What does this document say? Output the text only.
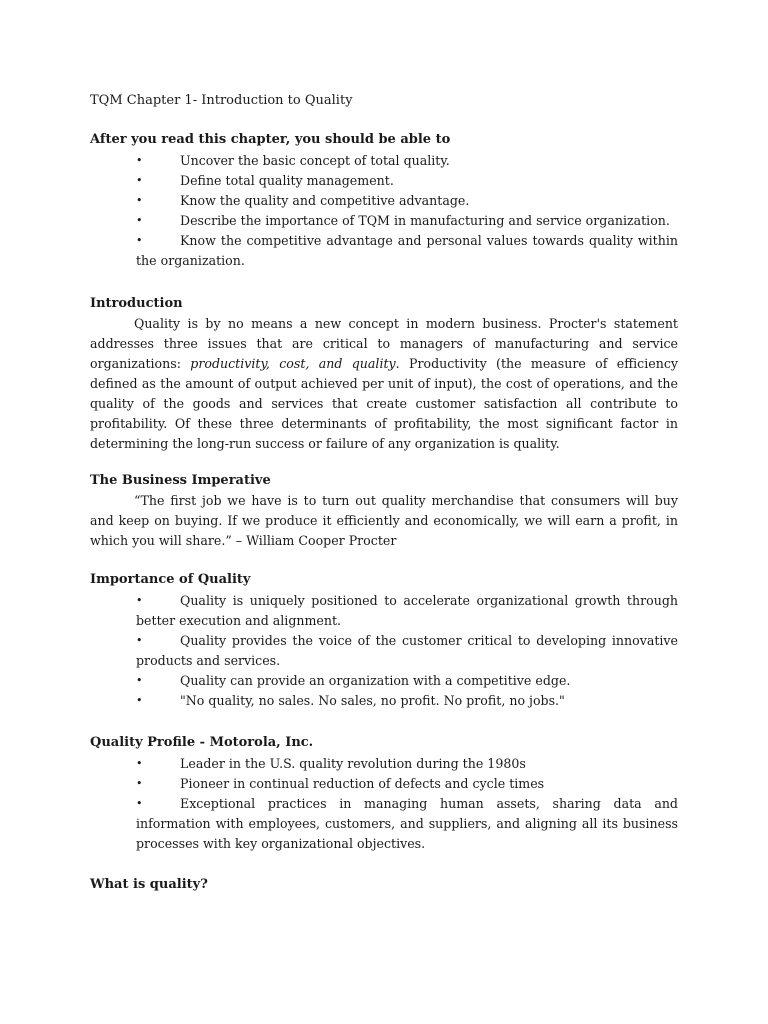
TQM Chapter 1- Introduction to Quality
After you read this chapter, you should be able to
•	Uncover the basic concept of total quality.
•	Define total quality management.
•	Know the quality and competitive advantage.
•	Describe the importance of TQM in manufacturing and service organization.
•	Know the competitive advantage and personal values towards quality within the organization.
Introduction

Quality is by no means a new concept in modern business. Procter's statement addresses three issues that are critical to managers of manufacturing and service organizations: productivity, cost, and quality. Productivity (the measure of efficiency defined as the amount of output achieved per unit of input), the cost of operations, and the quality of the goods and services that create customer satisfaction all contribute to profitability. Of these three determinants of profitability, the most significant factor in determining the long-run success or failure of any organization is quality.

The Business Imperative

“The first job we have is to turn out quality merchandise that consumers will buy and keep on buying. If we produce it efficiently and economically, we will earn a profit, in which you will share.” – William Cooper Procter

Importance of Quality
•	Quality is uniquely positioned to accelerate organizational growth through better execution and alignment.
•	Quality provides the voice of the customer critical to developing innovative products and services.
•	Quality can provide an organization with a competitive edge.
•	"No quality, no sales. No sales, no profit. No profit, no jobs."
Quality Profile - Motorola, Inc.
•	Leader in the U.S. quality revolution during the 1980s
•	Pioneer in continual reduction of defects and cycle times
•	Exceptional practices in managing human assets, sharing data and information with employees, customers, and suppliers, and aligning all its business processes with key organizational objectives.
What is quality?
